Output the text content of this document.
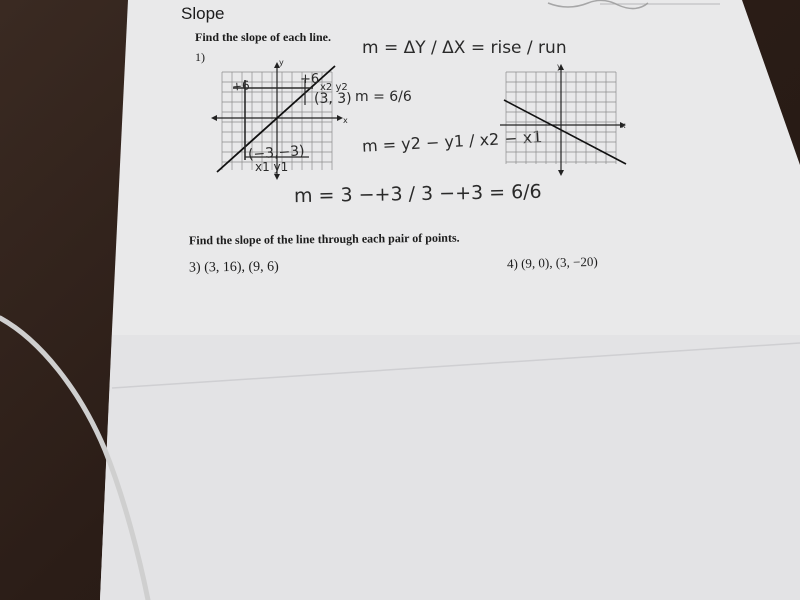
Slope
Find the slope of each line.
1)
Find the slope of the line through each pair of points.
3) (3, 16), (9, 6)	4) (9, 0), (3, −20)
y
x
+6	+6
x2 y2
(3, 3) m = 6/6
(−3,−3)
x1 y1
m = ΔY / ΔX = rise / run
m = y2 − y1 / x2 − x1
m = 3 −+3 / 3 −+3 = 6/6
y
x
